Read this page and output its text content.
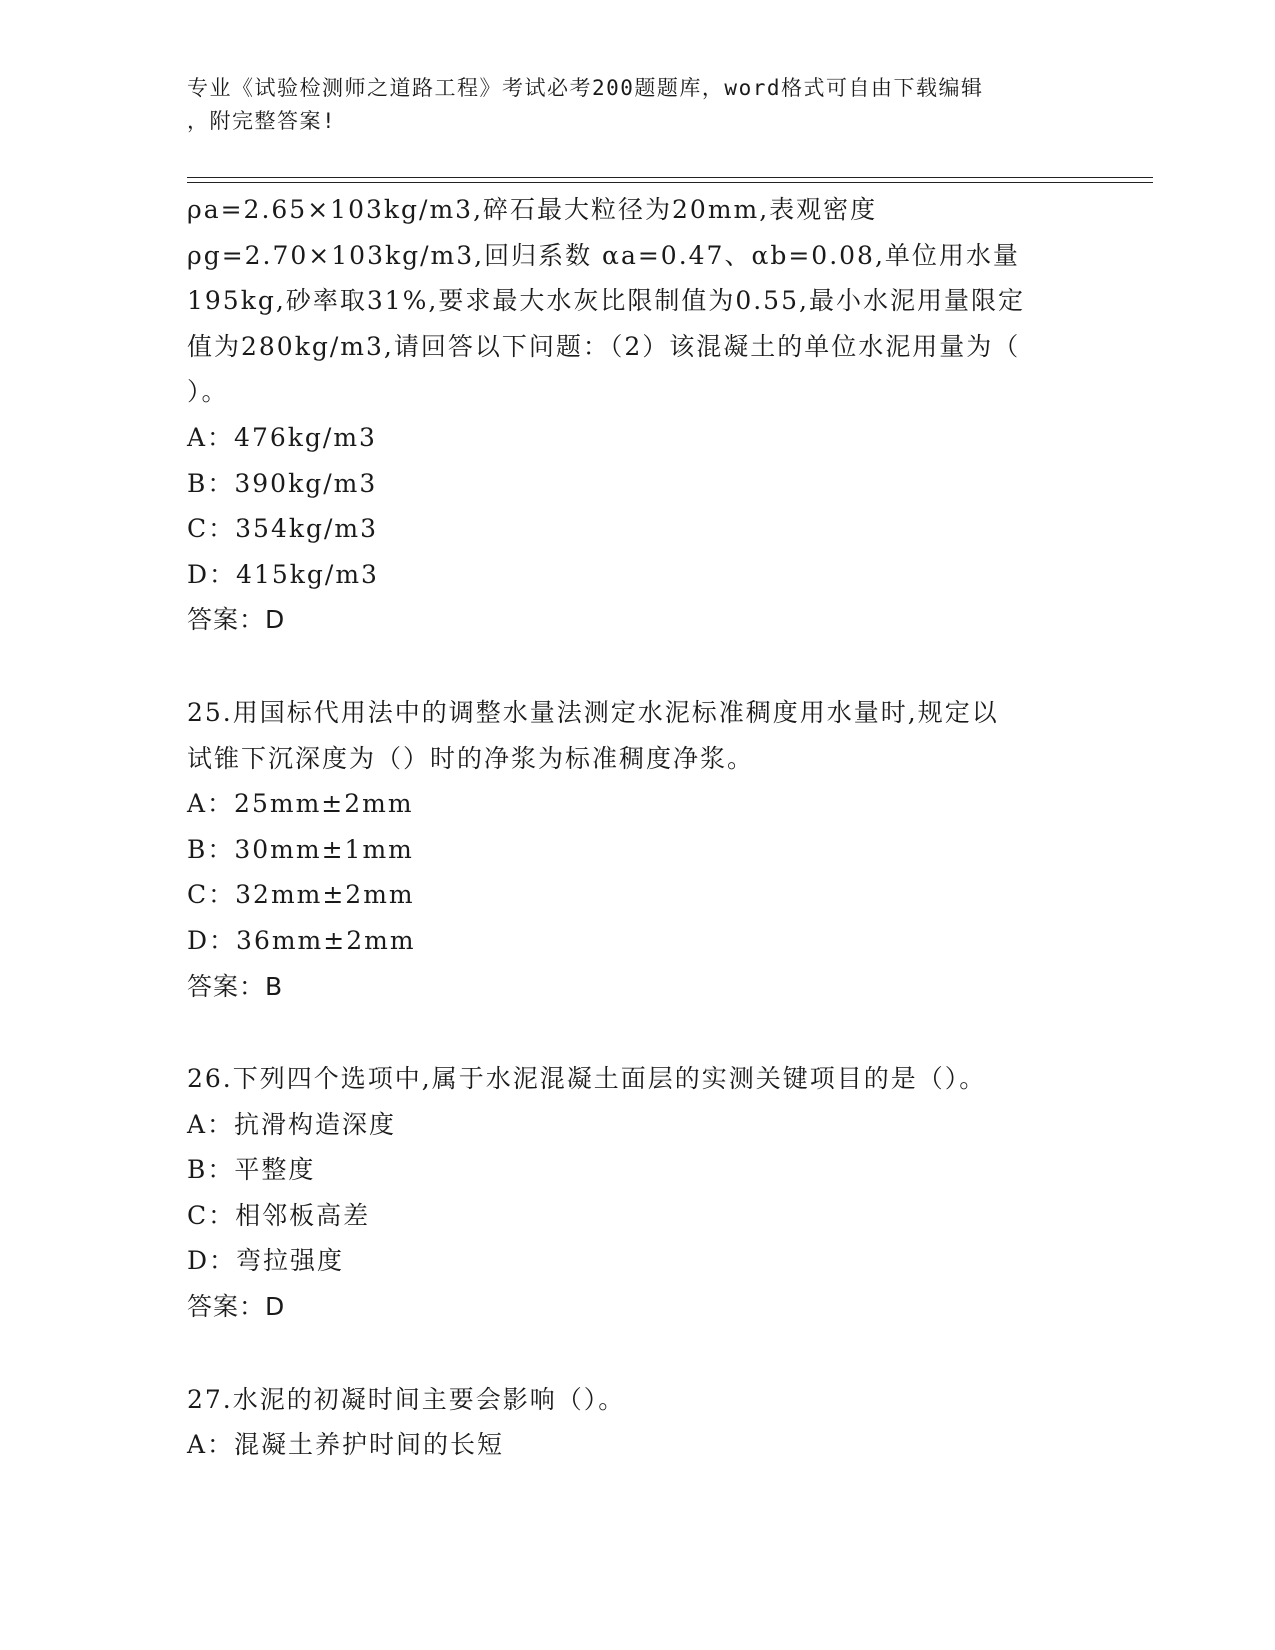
专业《试验检测师之道路工程》考试必考200题题库，word格式可自由下载编辑
，附完整答案!
ρa=2.65×103kg/m3,碎石最大粒径为20mm,表观密度
ρg=2.70×103kg/m3,回归系数 αa=0.47、αb=0.08,单位用水量
195kg,砂率取31%,要求最大水灰比限制值为0.55,最小水泥用量限定
值为280kg/m3,请回答以下问题：（2）该混凝土的单位水泥用量为（
）。
A：476kg/m3
B：390kg/m3
C：354kg/m3
D：415kg/m3
答案：D
25.用国标代用法中的调整水量法测定水泥标准稠度用水量时,规定以
试锥下沉深度为（）时的净浆为标准稠度净浆。
A：25mm±2mm
B：30mm±1mm
C：32mm±2mm
D：36mm±2mm
答案：B
26.下列四个选项中,属于水泥混凝土面层的实测关键项目的是（）。
A：抗滑构造深度
B：平整度
C：相邻板高差
D：弯拉强度
答案：D
27.水泥的初凝时间主要会影响（）。
A：混凝土养护时间的长短
